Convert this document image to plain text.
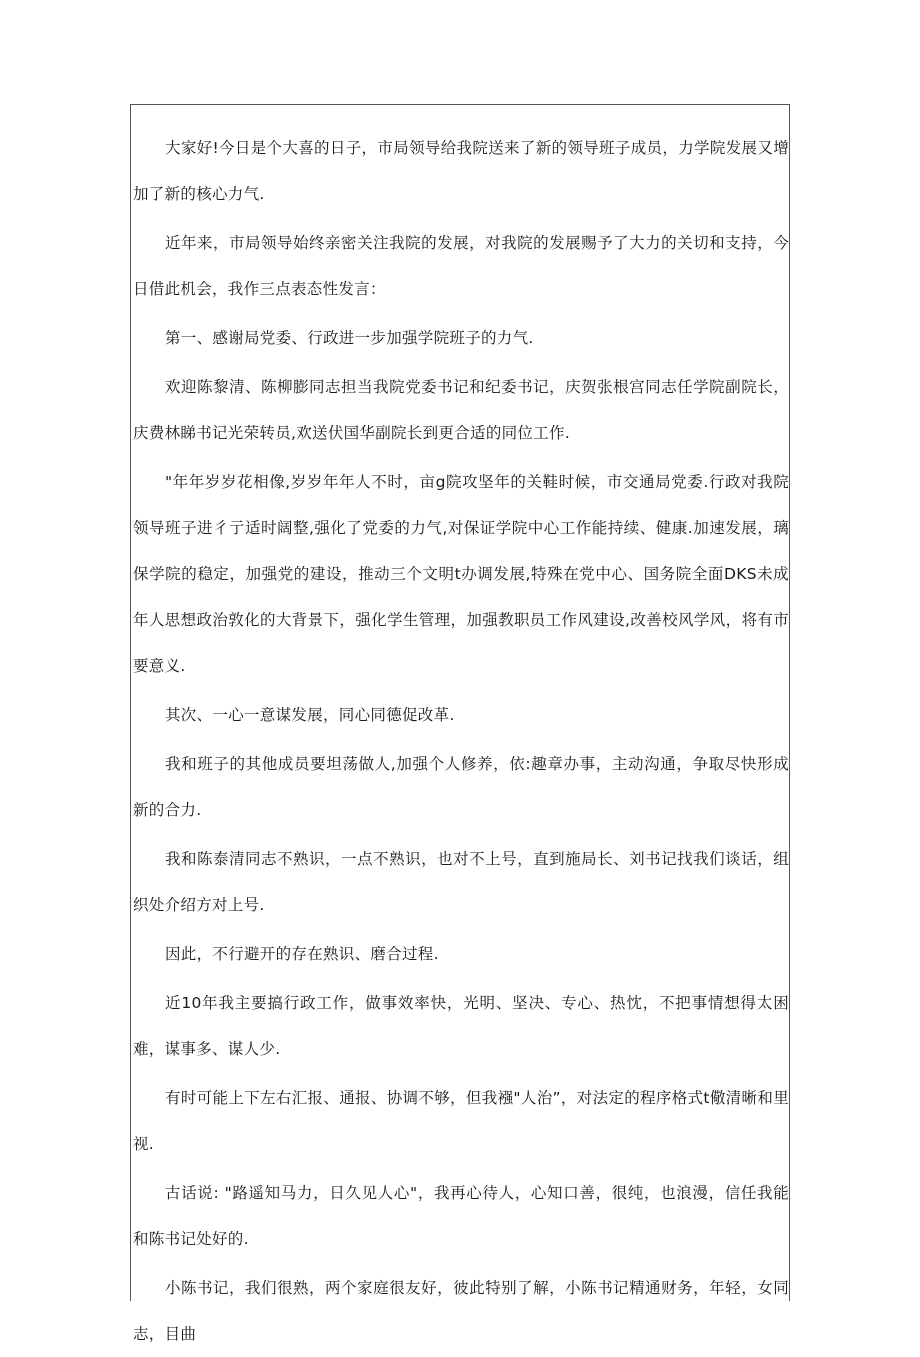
大家好!今日是个大喜的日子，市局领导给我院送来了新的领导班子成员，力学院发展又增加了新的核心力气.

近年来，市局领导始终亲密关注我院的发展，对我院的发展赐予了大力的关切和支持，今日借此机会，我作三点表态性发言：

第一、感谢局党委、行政进一步加强学院班子的力气.

欢迎陈黎清、陈柳膨同志担当我院党委书记和纪委书记，庆贺张根宫同志任学院副院长，庆费林睇书记光荣转员,欢送伏国华副院长到更合适的同位工作.

"年年岁岁花相像,岁岁年年人不时，亩g院攻坚年的关鞋时候，市交通局党委.行政对我院领导班子进彳亍适时阔整,强化了党委的力气,对保证学院中心工作能持续、健康.加速发展，璃保学院的稳定，加强党的建设，推动三个文明t办调发展,特殊在党中心、国务院全面DKS未成年人思想政治敦化的大背景下，强化学生管理，加强教职员工作风建设,改善校风学风，将有市要意义.

其次、一心一意谋发展，同心同德促改革.

我和班子的其他成员要坦荡做人,加强个人修养，依:趣章办事，主动沟通，争取尽快形成新的合力.

我和陈泰清同志不熟识，一点不熟识，也对不上号，直到施局长、刘书记找我们谈话，组织处介绍方对上号.

因此，不行避开的存在熟识、磨合过程.

近10年我主要搞行政工作，做事效率快，光明、坚决、专心、热忱，不把事情想得太困难，谋事多、谋人少.

有时可能上下左右汇报、通报、协调不够，但我襁"人治”，对法定的程序格式t儆清晰和里视.

古话说: "路遥知马力，日久见人心"，我再心待人，心知口善，很纯，也浪漫，信任我能和陈书记处好的.

小陈书记，我们很熟，两个家庭很友好，彼此特别了解，小陈书记精通财务，年轻，女同志，目曲
